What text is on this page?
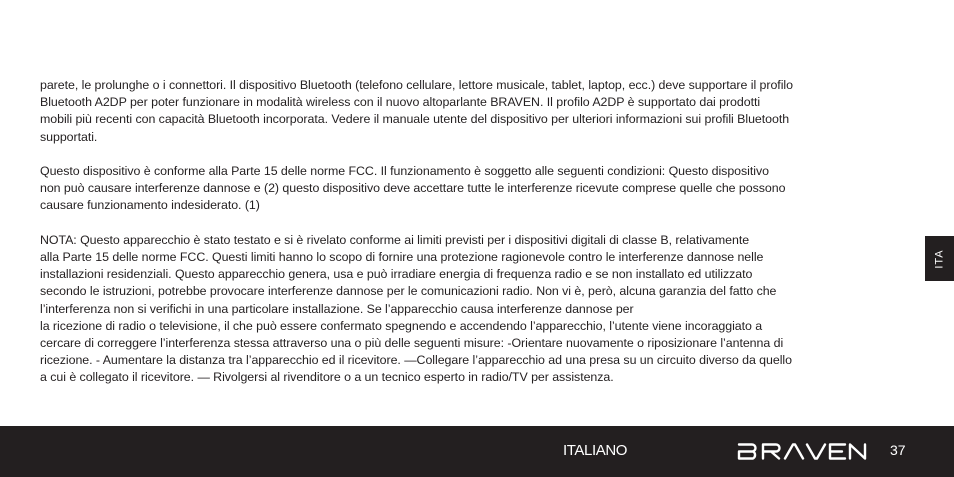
parete, le prolunghe o i connettori. Il dispositivo Bluetooth (telefono cellulare, lettore musicale, tablet, laptop, ecc.) deve supportare il profilo
Bluetooth A2DP per poter funzionare in modalità wireless con il nuovo altoparlante BRAVEN. Il profilo A2DP è supportato dai prodotti
mobili più recenti con capacità Bluetooth incorporata. Vedere il manuale utente del dispositivo per ulteriori informazioni sui profili Bluetooth
supportati.

Questo dispositivo è conforme alla Parte 15 delle norme FCC. Il funzionamento è soggetto alle seguenti condizioni: Questo dispositivo
non può causare interferenze dannose e (2) questo dispositivo deve accettare tutte le interferenze ricevute comprese quelle che possono
causare funzionamento indesiderato. (1)

NOTA: Questo apparecchio è stato testato e si è rivelato conforme ai limiti previsti per i dispositivi digitali di classe B, relativamente
alla Parte 15 delle norme FCC. Questi limiti hanno lo scopo di fornire una protezione ragionevole contro le interferenze dannose nelle
installazioni residenziali. Questo apparecchio genera, usa e può irradiare energia di frequenza radio e se non installato ed utilizzato
secondo le istruzioni, potrebbe provocare interferenze dannose per le comunicazioni radio. Non vi è, però, alcuna garanzia del fatto che
l’interferenza non si verifichi in una particolare installazione. Se l’apparecchio causa interferenze dannose per
la ricezione di radio o televisione, il che può essere confermato spegnendo e accendendo l’apparecchio, l’utente viene incoraggiato a
cercare di correggere l’interferenza stessa attraverso una o più delle seguenti misure: -Orientare nuovamente o riposizionare l’antenna di
ricezione. - Aumentare la distanza tra l’apparecchio ed il ricevitore. —Collegare l’apparecchio ad una presa su un circuito diverso da quello
a cui è collegato il ricevitore. — Rivolgersi al rivenditore o a un tecnico esperto in radio/TV per assistenza.

ITA
ITALIANO	37
